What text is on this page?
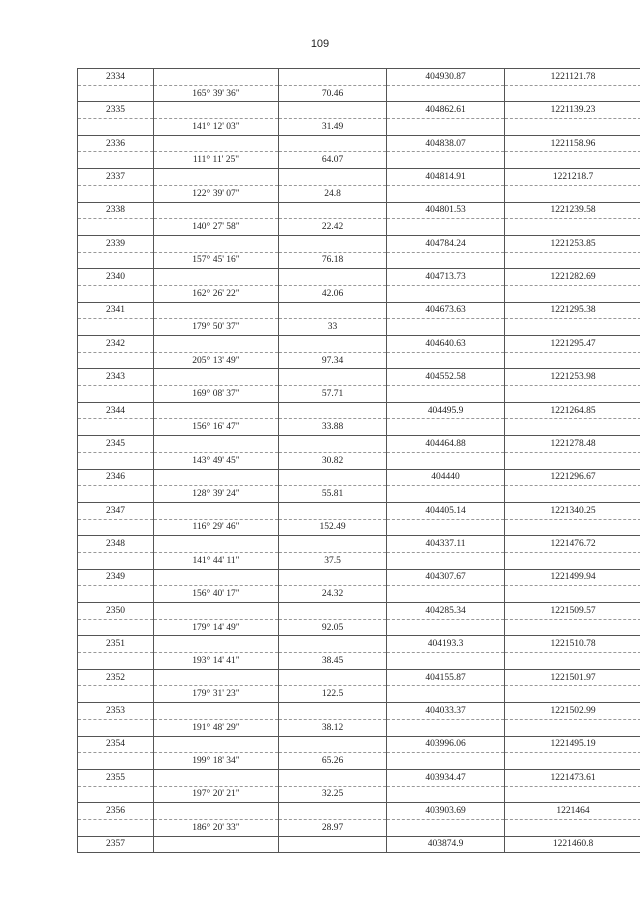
109
2334			404930.87	1221121.78
	165° 39' 36"	70.46		
2335			404862.61	1221139.23
	141° 12' 03"	31.49		
2336			404838.07	1221158.96
	111° 11' 25"	64.07		
2337			404814.91	1221218.7
	122° 39' 07"	24.8		
2338			404801.53	1221239.58
	140° 27' 58"	22.42		
2339			404784.24	1221253.85
	157° 45' 16"	76.18		
2340			404713.73	1221282.69
	162° 26' 22"	42.06		
2341			404673.63	1221295.38
	179° 50' 37"	33		
2342			404640.63	1221295.47
	205° 13' 49"	97.34		
2343			404552.58	1221253.98
	169° 08' 37"	57.71		
2344			404495.9	1221264.85
	156° 16' 47"	33.88		
2345			404464.88	1221278.48
	143° 49' 45"	30.82		
2346			404440	1221296.67
	128° 39' 24"	55.81		
2347			404405.14	1221340.25
	116° 29' 46"	152.49		
2348			404337.11	1221476.72
	141° 44' 11"	37.5		
2349			404307.67	1221499.94
	156° 40' 17"	24.32		
2350			404285.34	1221509.57
	179° 14' 49"	92.05		
2351			404193.3	1221510.78
	193° 14' 41"	38.45		
2352			404155.87	1221501.97
	179° 31' 23"	122.5		
2353			404033.37	1221502.99
	191° 48' 29"	38.12		
2354			403996.06	1221495.19
	199° 18' 34"	65.26		
2355			403934.47	1221473.61
	197° 20' 21"	32.25		
2356			403903.69	1221464
	186° 20' 33"	28.97		
2357			403874.9	1221460.8
